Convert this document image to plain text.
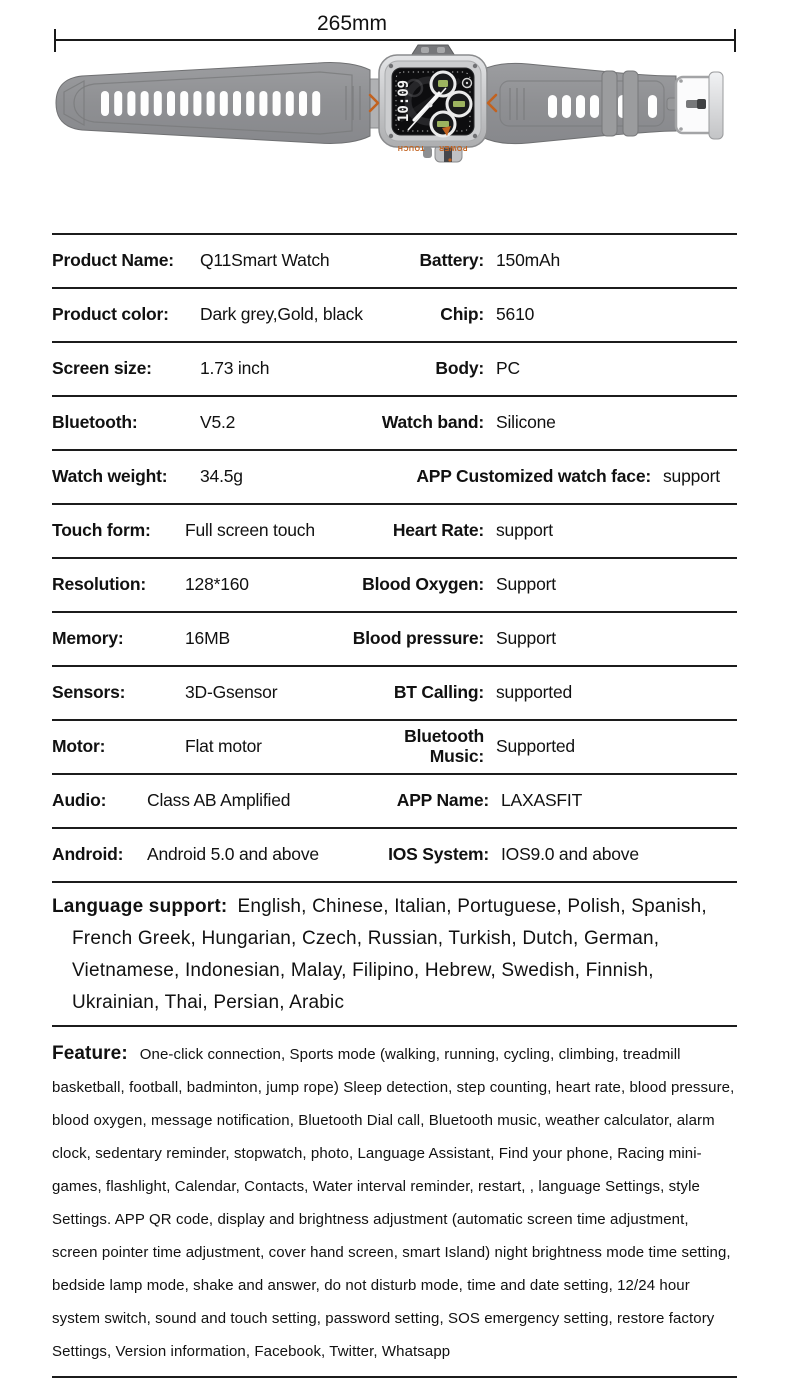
265mm
10:09
TOUCH POWER
Product Name:	Q11Smart Watch	Battery: 150mAh
Product color:	Dark grey,Gold, black	Chip: 5610
Screen size:	1.73 inch	Body: PC
Bluetooth:	V5.2	Watch band: Silicone
Watch weight:	34.5g	APP Customized watch face: support
Touch form:	Full screen touch	Heart Rate: support
Resolution:	128*160	Blood Oxygen: Support
Memory:	16MB	Blood pressure: Support
Sensors:	3D-Gsensor	BT Calling: supported
Motor:	Flat motor	Bluetooth Music: Supported
Audio:	Class AB Amplified	APP Name: LAXASFIT
Android:	Android 5.0 and above	IOS System: IOS9.0 and above
Language support: English, Chinese, Italian, Portuguese, Polish, Spanish, French Greek, Hungarian, Czech, Russian, Turkish, Dutch, German, Vietnamese, Indonesian, Malay, Filipino, Hebrew, Swedish, Finnish, Ukrainian, Thai, Persian, Arabic
Feature: One-click connection, Sports mode (walking, running, cycling, climbing, treadmill basketball, football, badminton, jump rope) Sleep detection, step counting, heart rate, blood pressure, blood oxygen, message notification, Bluetooth Dial call, Bluetooth music, weather calculator, alarm clock, sedentary reminder, stopwatch, photo, Language Assistant, Find your phone, Racing mini-games, flashlight, Calendar, Contacts, Water interval reminder, restart, , language Settings, style Settings. APP QR code, display and brightness adjustment (automatic screen time adjustment, screen pointer time adjustment, cover hand screen, smart Island) night brightness mode time setting, bedside lamp mode, shake and answer, do not disturb mode, time and date setting, 12/24 hour system switch, sound and touch setting, password setting, SOS emergency setting, restore factory Settings, Version information, Facebook, Twitter, Whatsapp
